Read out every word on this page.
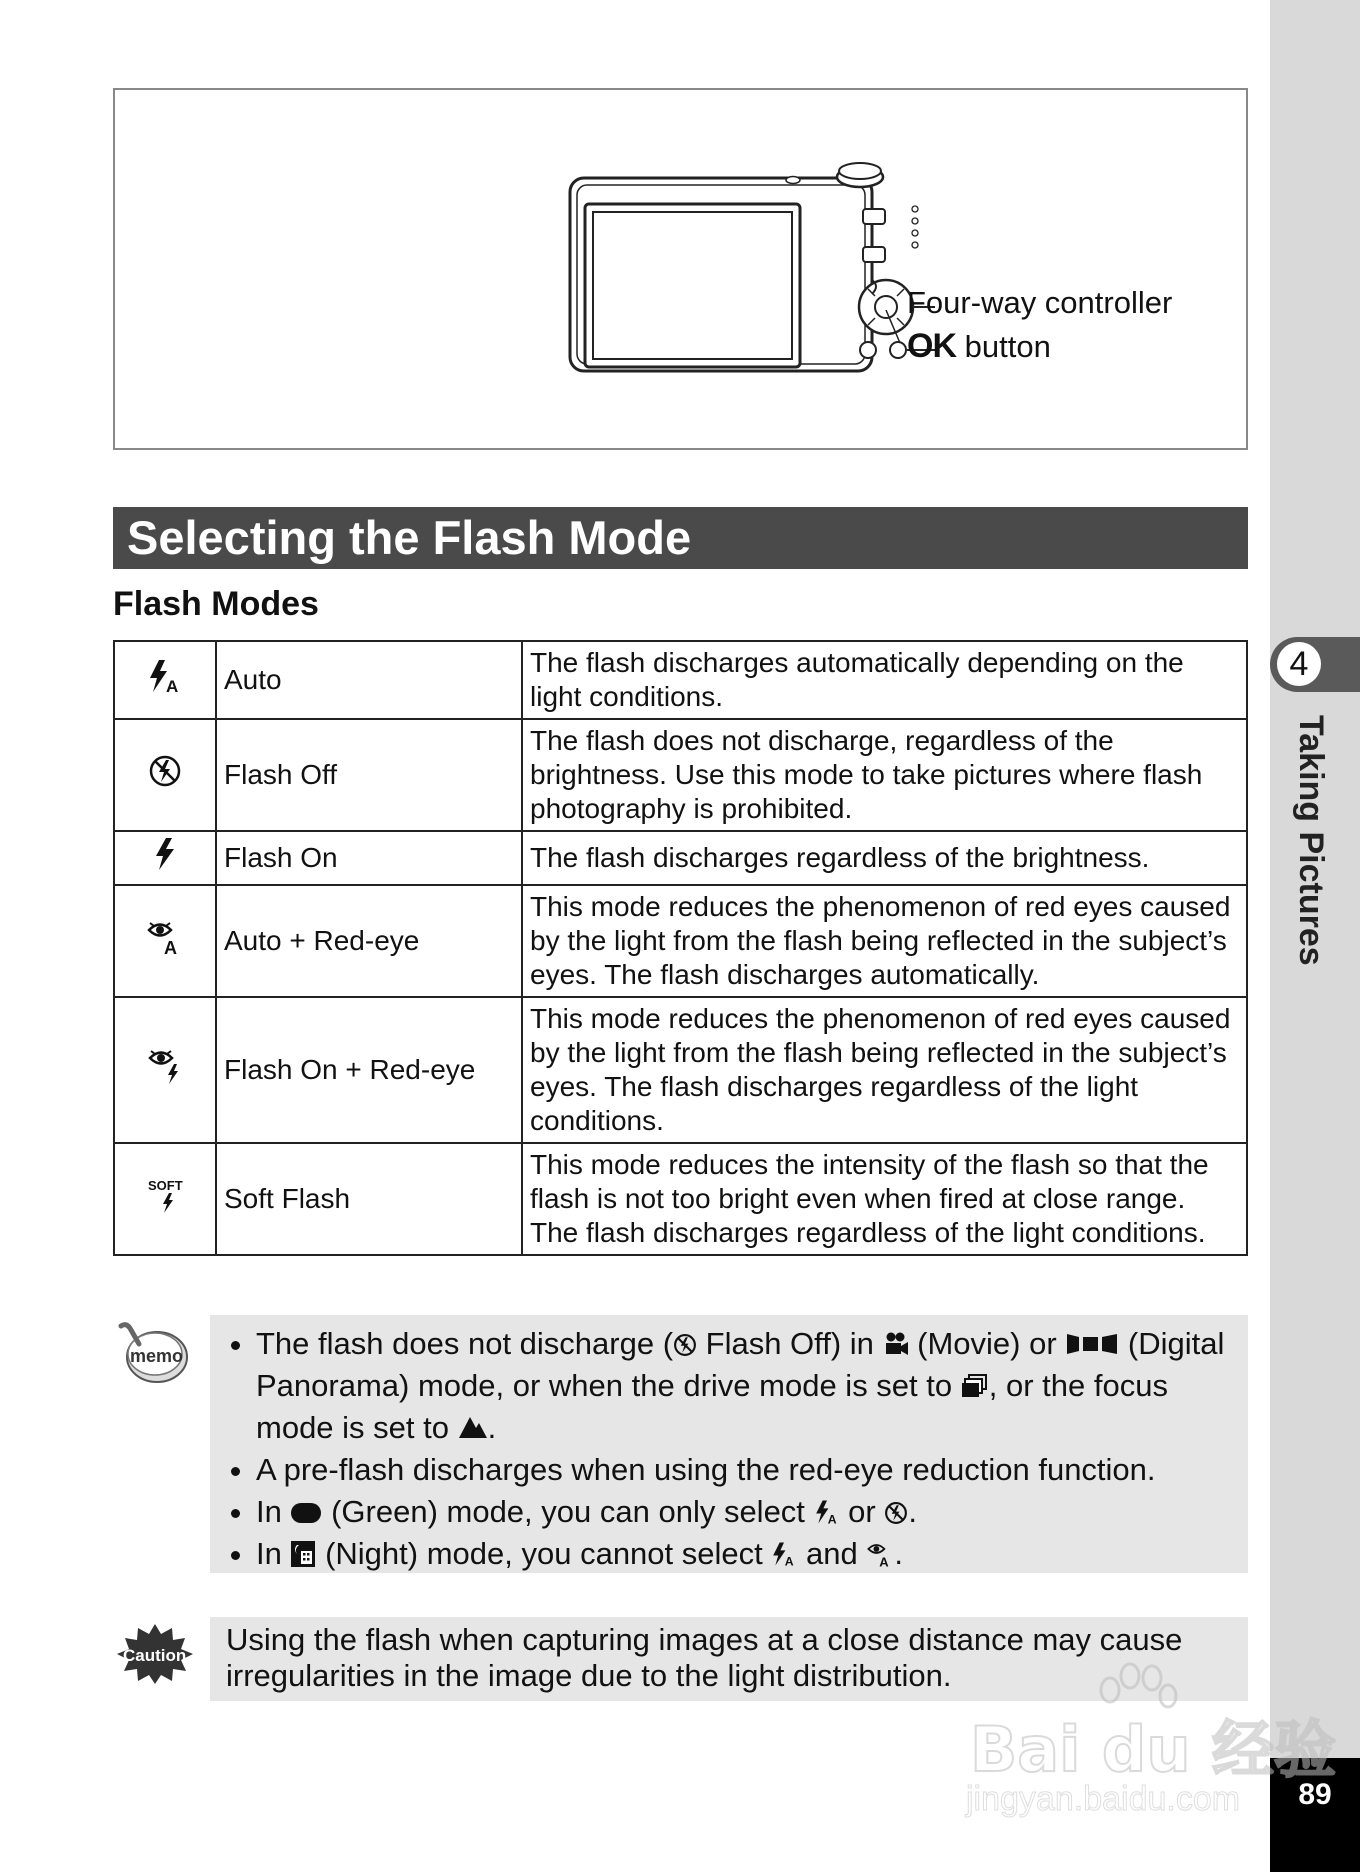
4
Taking Pictures
89
Four-way controller
OK button
Selecting the Flash Mode
Flash Modes
A	Auto	The flash discharges automatically depending on the light conditions.
	Flash Off	The flash does not discharge, regardless of the brightness. Use this mode to take pictures where flash photography is prohibited.
	Flash On	The flash discharges regardless of the brightness.

A	Auto + Red-eye	This mode reduces the phenomenon of red eyes caused by the light from the flash being reflected in the subject’s eyes. The flash discharges automatically.
	Flash On + Red-eye	This mode reduces the phenomenon of red eyes caused by the light from the flash being reflected in the subject’s eyes. The flash discharges regardless of the light conditions.

SOFT	Soft Flash	This mode reduces the intensity of the flash so that the flash is not too bright even when fired at close range. The flash discharges regardless of the light conditions.
memo • The flash does not discharge ( Flash Off) in  (Movie) or  (Digital Panorama) mode, or when the drive mode is set to , or the focus mode is set to .
• A pre-flash discharges when using the red-eye reduction function.
• In  (Green) mode, you can only select A or .
• In  (Night) mode, you cannot select A and A .
Caution	Using the flash when capturing images at a close distance may cause irregularities in the image due to the light distribution.
Bai du 经验
jingyan.baidu.com
